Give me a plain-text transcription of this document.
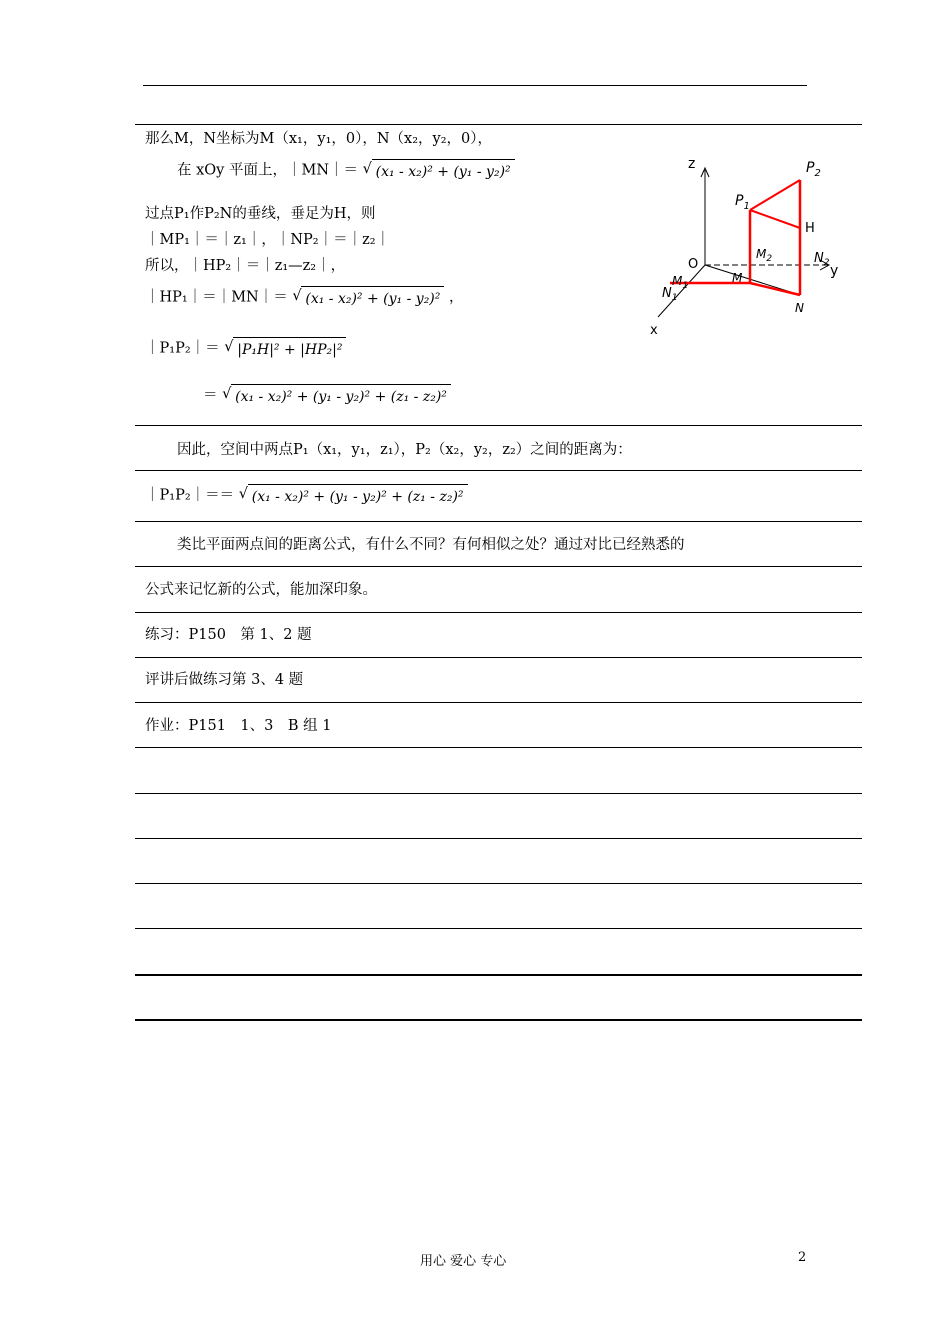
那么M，N坐标为M（x₁，y₁，0），N（x₂，y₂，0），
在 xOy 平面上，｜MN｜＝ √ (x₁ - x₂)² + (y₁ - y₂)²
过点P₁作P₂N的垂线，垂足为H，则
｜MP₁｜＝｜z₁｜，｜NP₂｜＝｜z₂｜
所以，｜HP₂｜＝｜z₁—z₂｜，
｜HP₁｜＝｜MN｜＝ √ (x₁ - x₂)² + (y₁ - y₂)² ，
｜P₁P₂｜＝ √ |P₁H|² + |HP₂|²
＝ √ (x₁ - x₂)² + (y₁ - y₂)² + (z₁ - z₂)²
因此，空间中两点P₁（x₁，y₁，z₁），P₂（x₂，y₂，z₂）之间的距离为：
｜P₁P₂｜＝＝ √ (x₁ - x₂)² + (y₁ - y₂)² + (z₁ - z₂)²
类比平面两点间的距离公式，有什么不同？有何相似之处？通过对比已经熟悉的
公式来记忆新的公式，能加深印象。
练习：P150　第 1、2 题
评讲后做练习第 3、4 题
作业：P151　1、3　B 组 1
z
y
x
O
$P_2$
$P_1$
H
N
M
$N_1$
$M_1$
$N_2$
$M_2$
用心 爱心 专心	2
